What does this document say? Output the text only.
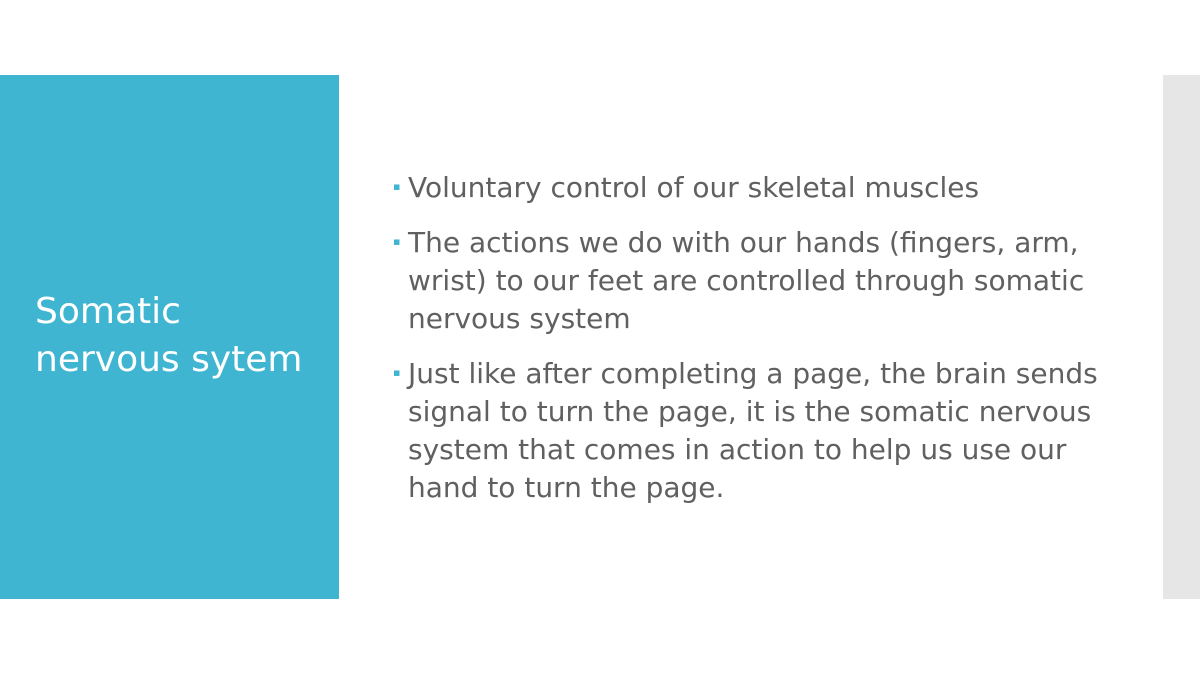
Somatic
nervous sytem
▪ Voluntary control of our skeletal muscles
▪ The actions we do with our hands (fingers, arm, wrist) to our feet are controlled through somatic nervous system
▪ Just like after completing a page, the brain sends signal to turn the page, it is the somatic nervous system that comes in action to help us use our hand to turn the page.
